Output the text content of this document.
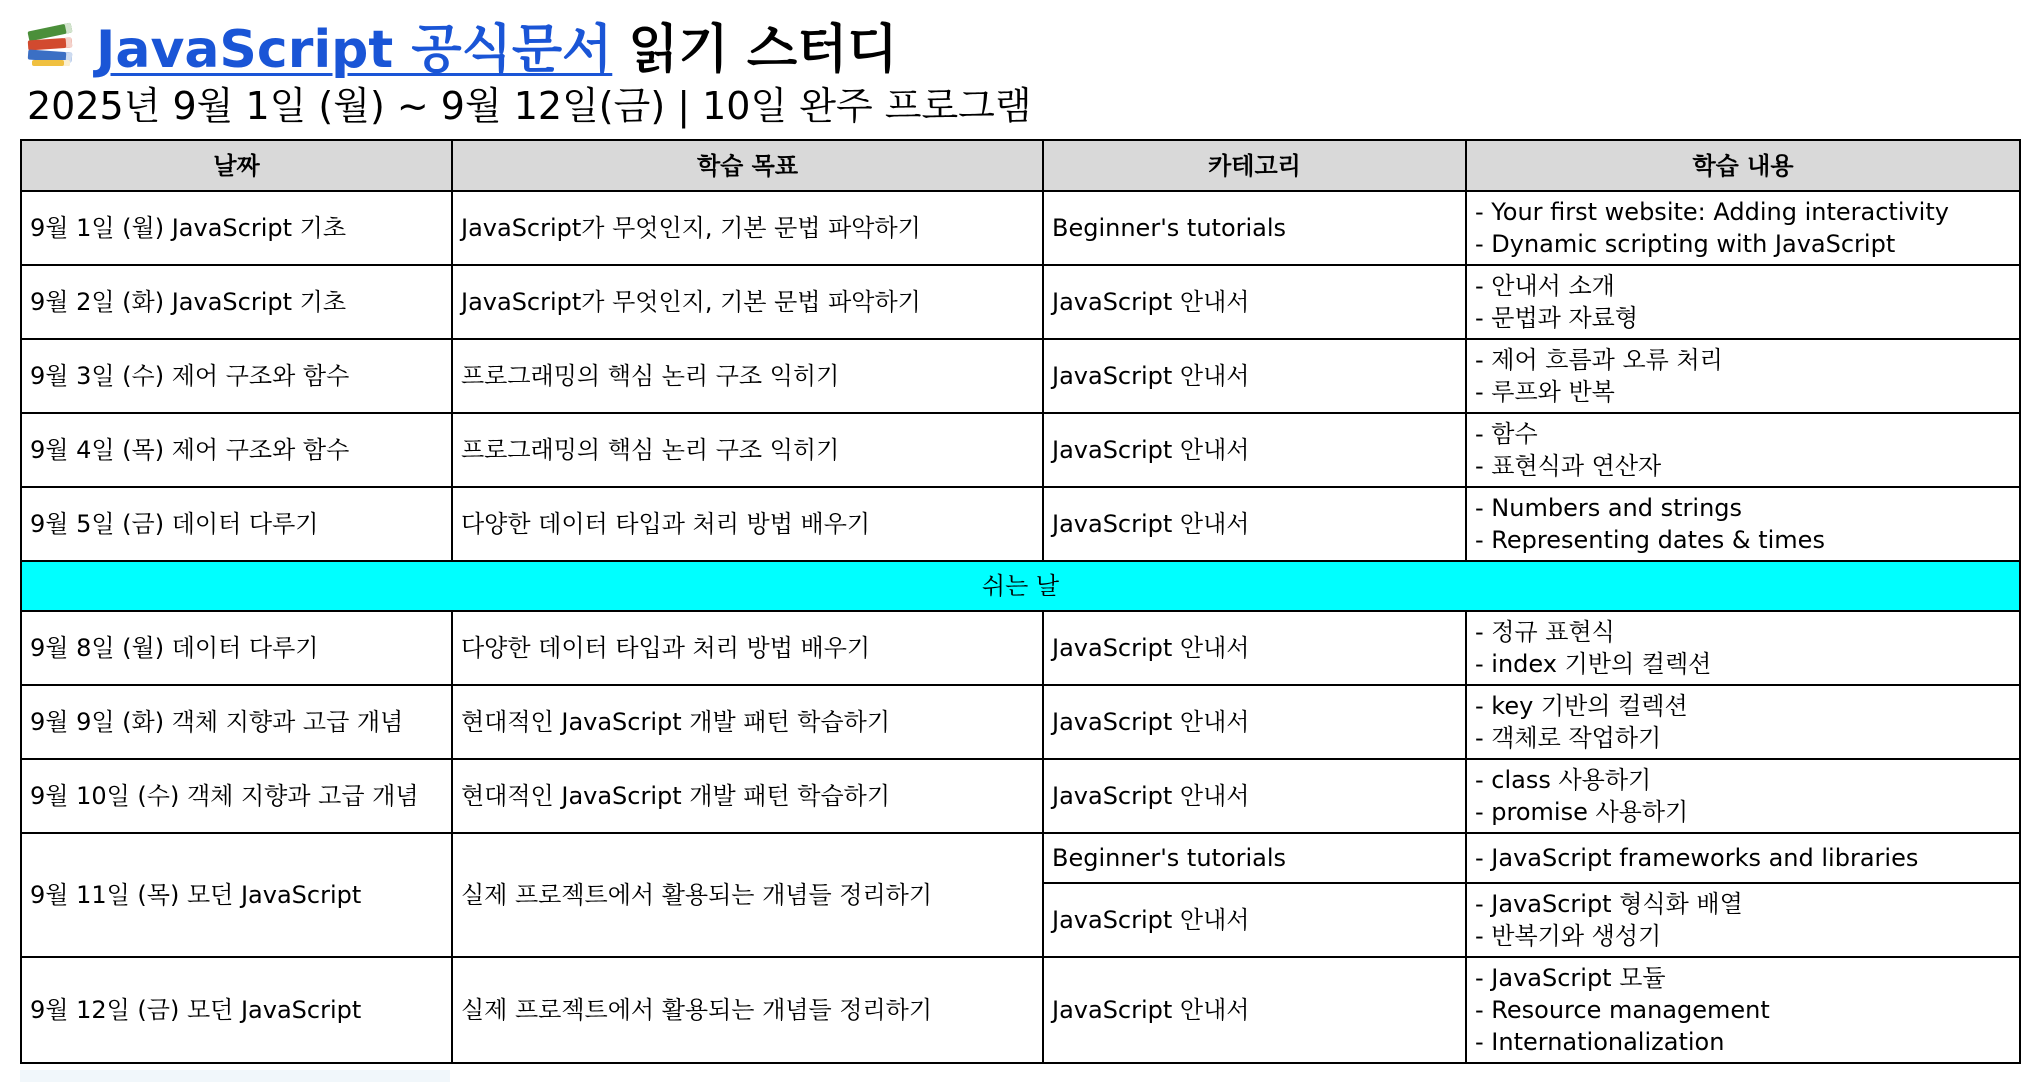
JavaScript 공식문서 읽기 스터디
2025년 9월 1일 (월) ~ 9월 12일(금) | 10일 완주 프로그램
날짜	학습 목표	카테고리	학습 내용
9월 1일 (월) JavaScript 기초	JavaScript가 무엇인지, 기본 문법 파악하기	Beginner's tutorials	- Your first website: Adding interactivity
- Dynamic scripting with JavaScript

9월 2일 (화) JavaScript 기초	JavaScript가 무엇인지, 기본 문법 파악하기	JavaScript 안내서	- 안내서 소개
- 문법과 자료형

9월 3일 (수) 제어 구조와 함수	프로그래밍의 핵심 논리 구조 익히기	JavaScript 안내서	- 제어 흐름과 오류 처리
- 루프와 반복

9월 4일 (목) 제어 구조와 함수	프로그래밍의 핵심 논리 구조 익히기	JavaScript 안내서	- 함수
- 표현식과 연산자

9월 5일 (금) 데이터 다루기	다양한 데이터 타입과 처리 방법 배우기	JavaScript 안내서	- Numbers and strings
- Representing dates & times

쉬는 날			
9월 8일 (월) 데이터 다루기	다양한 데이터 타입과 처리 방법 배우기	JavaScript 안내서	- 정규 표현식
- index 기반의 컬렉션

9월 9일 (화) 객체 지향과 고급 개념	현대적인 JavaScript 개발 패턴 학습하기	JavaScript 안내서	- key 기반의 컬렉션
- 객체로 작업하기

9월 10일 (수) 객체 지향과 고급 개념	현대적인 JavaScript 개발 패턴 학습하기	JavaScript 안내서	- class 사용하기
- promise 사용하기

9월 11일 (목) 모던 JavaScript	실제 프로젝트에서 활용되는 개념들 정리하기	Beginner's tutorials	- JavaScript frameworks and libraries

		JavaScript 안내서	- JavaScript 형식화 배열
- 반복기와 생성기

9월 12일 (금) 모던 JavaScript	실제 프로젝트에서 활용되는 개념들 정리하기	JavaScript 안내서	- JavaScript 모듈
- Resource management
- Internationalization
